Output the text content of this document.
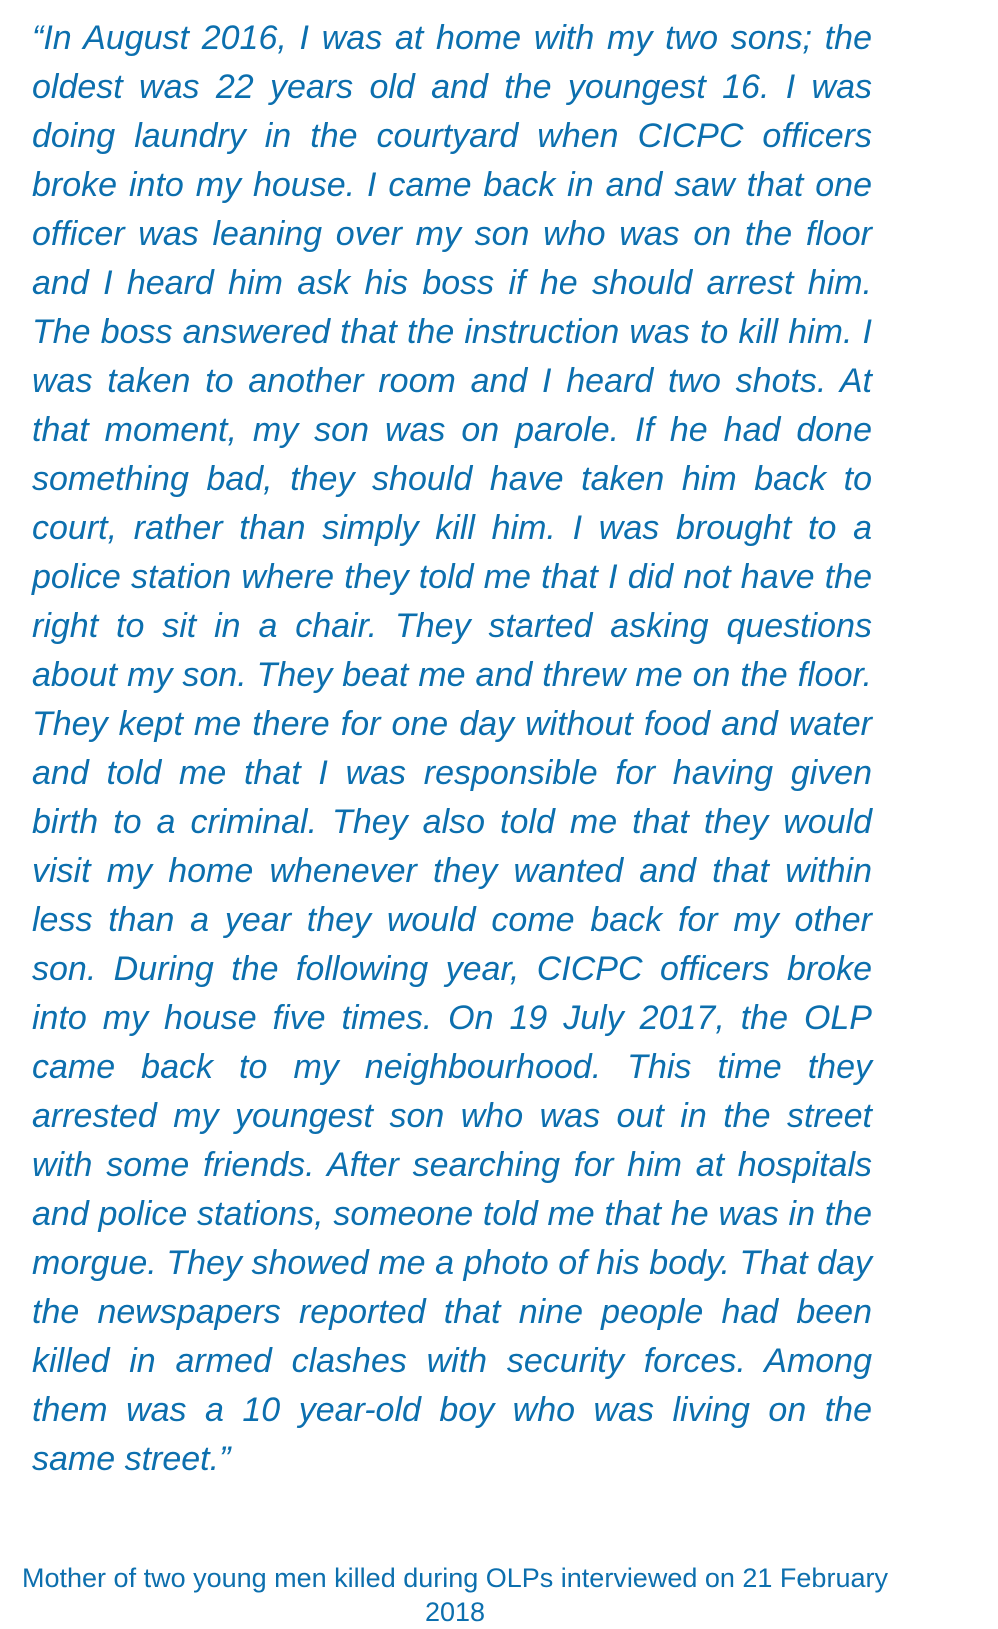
“In August 2016, I was at home with my two sons; the oldest was 22 years old and the youngest 16. I was doing laundry in the courtyard when CICPC officers broke into my house. I came back in and saw that one officer was leaning over my son who was on the floor and I heard him ask his boss if he should arrest him. The boss answered that the instruction was to kill him. I was taken to another room and I heard two shots. At that moment, my son was on parole. If he had done something bad, they should have taken him back to court, rather than simply kill him. I was brought to a police station where they told me that I did not have the right to sit in a chair. They started asking questions about my son. They beat me and threw me on the floor. They kept me there for one day without food and water and told me that I was responsible for having given birth to a criminal. They also told me that they would visit my home whenever they wanted and that within less than a year they would come back for my other son. During the following year, CICPC officers broke into my house five times. On 19 July 2017, the OLP came back to my neighbourhood. This time they arrested my youngest son who was out in the street with some friends. After searching for him at hospitals and police stations, someone told me that he was in the morgue. They showed me a photo of his body. That day the newspapers reported that nine people had been killed in armed clashes with security forces. Among them was a 10 year-old boy who was living on the same street.”

Mother of two young men killed during OLPs interviewed on 21 February 2018
